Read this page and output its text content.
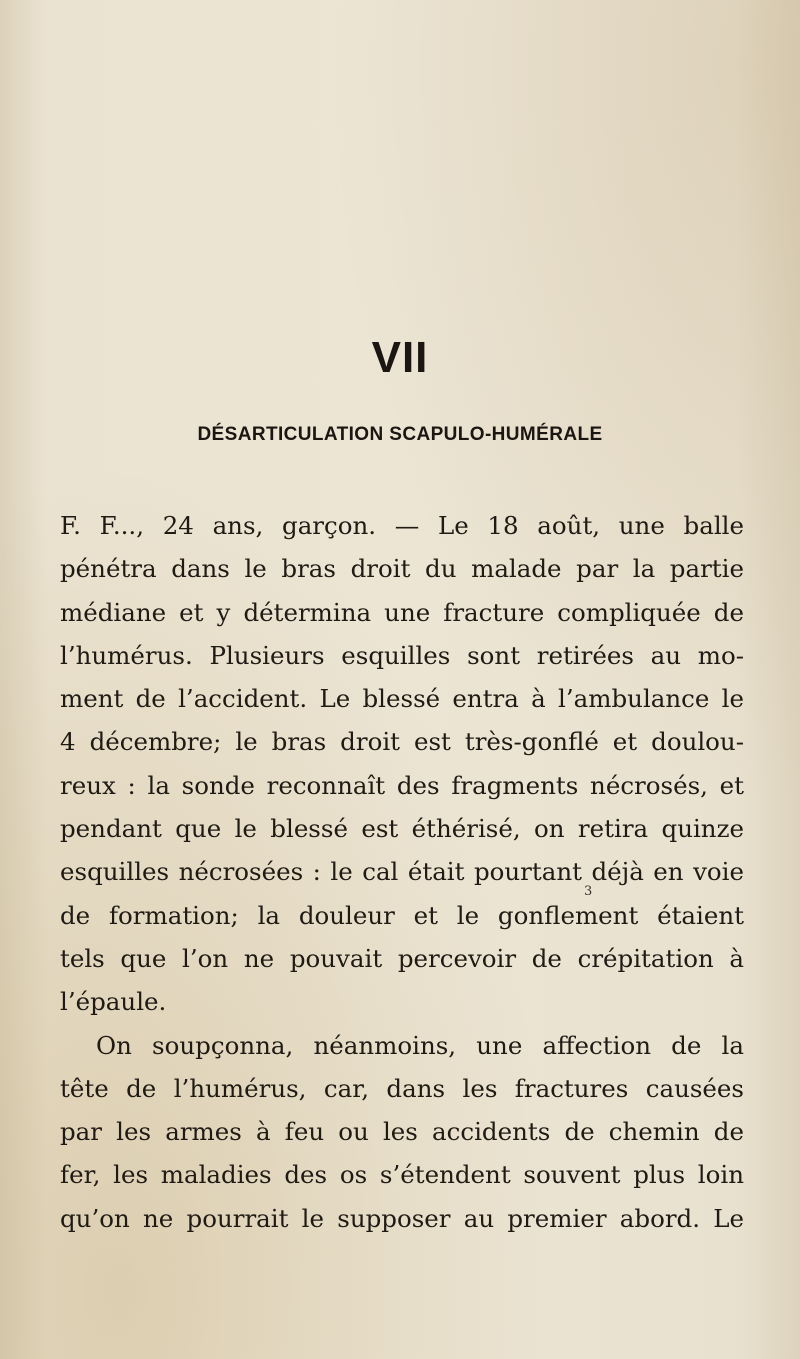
VII
DÉSARTICULATION SCAPULO-HUMÉRALE
F. F..., 24 ans, garçon. — Le 18 août, une balle
pénétra dans le bras droit du malade par la partie
médiane et y détermina une fracture compliquée de
l’humérus. Plusieurs esquilles sont retirées au mo-
ment de l’accident. Le blessé entra à l’ambulance le
4 décembre; le bras droit est très-gonflé et doulou-
reux : la sonde reconnaît des fragments nécrosés, et
pendant que le blessé est éthérisé, on retira quinze
esquilles nécrosées : le cal était pourtant déjà en voie
de formation; la douleur et le gonflement étaient
tels que l’on ne pouvait percevoir de crépitation à
l’épaule.
On soupçonna, néanmoins, une affection de la
tête de l’humérus, car, dans les fractures causées
par les armes à feu ou les accidents de chemin de
fer, les maladies des os s’étendent souvent plus loin
qu’on ne pourrait le supposer au premier abord. Le
3
